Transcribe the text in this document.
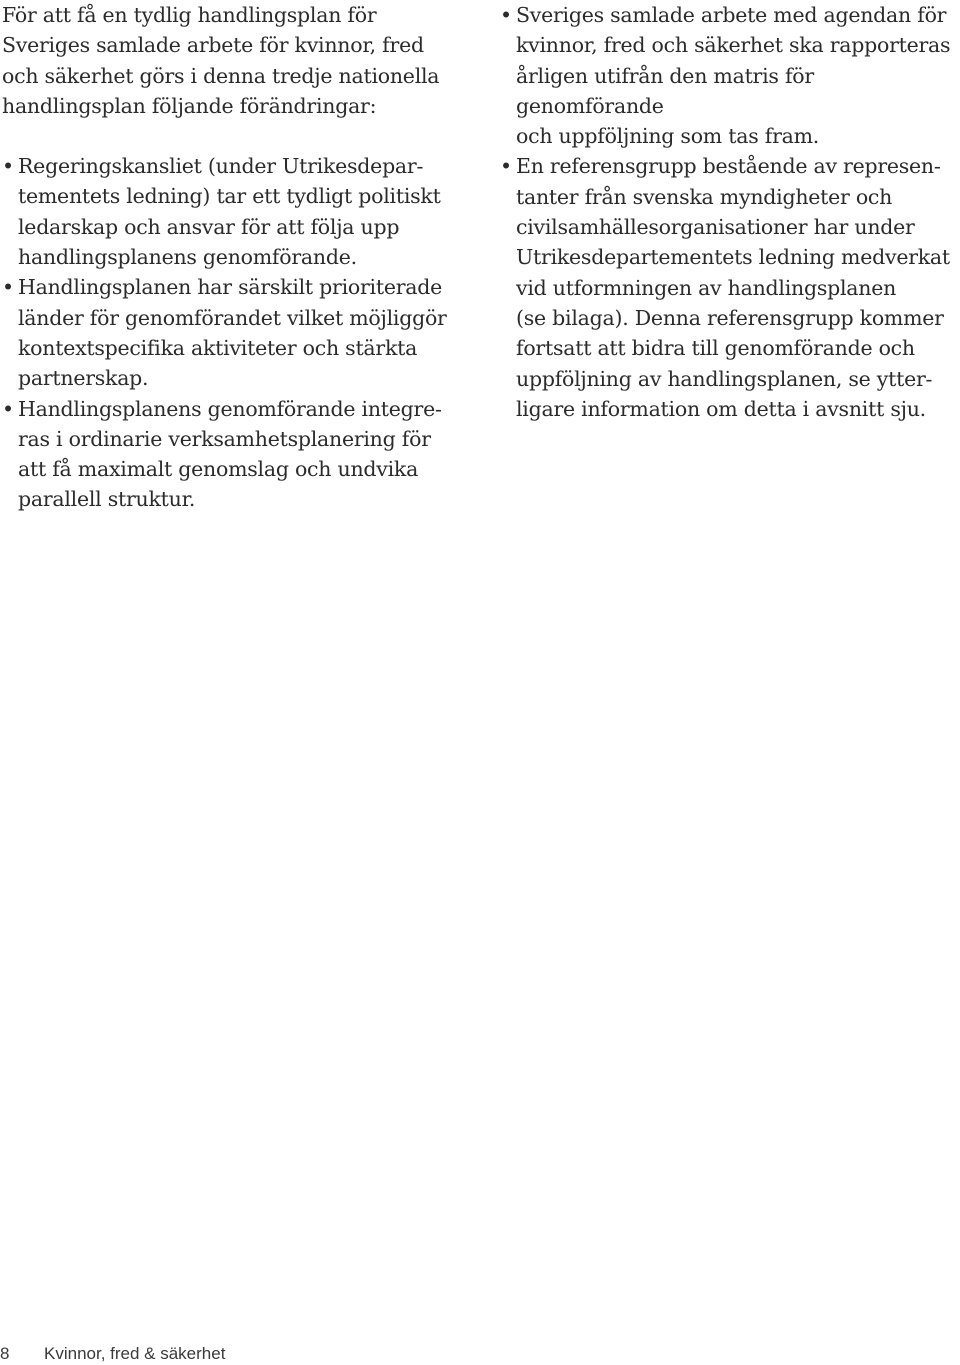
För att få en tydlig handlingsplan för
Sveriges samlade arbete för kvinnor, fred
och säkerhet görs i denna tredje nationella
handlingsplan följande förändringar:

• Regeringskansliet (under Utrikesdepar-
tementets ledning) tar ett tydligt politiskt
ledarskap och ansvar för att följa upp
handlingsplanens genomförande.

• Handlingsplanen har särskilt prioriterade
länder för genomförandet vilket möjliggör
kontextspecifika aktiviteter och stärkta
partnerskap.

• Handlingsplanens genomförande integre-
ras i ordinarie verksamhetsplanering för
att få maximalt genomslag och undvika
parallell struktur.

• Sveriges samlade arbete med agendan för
kvinnor, fred och säkerhet ska rapporteras
årligen utifrån den matris för genomförande
och uppföljning som tas fram.

• En referensgrupp bestående av represen-
tanter från svenska myndigheter och
civilsamhällesorganisationer har under
Utrikesdepartementets ledning medverkat
vid utformningen av handlingsplanen
(se bilaga). Denna referensgrupp kommer
fortsatt att bidra till genomförande och
uppföljning av handlingsplanen, se ytter-
ligare information om detta i avsnitt sju.

8 Kvinnor, fred & säkerhet
